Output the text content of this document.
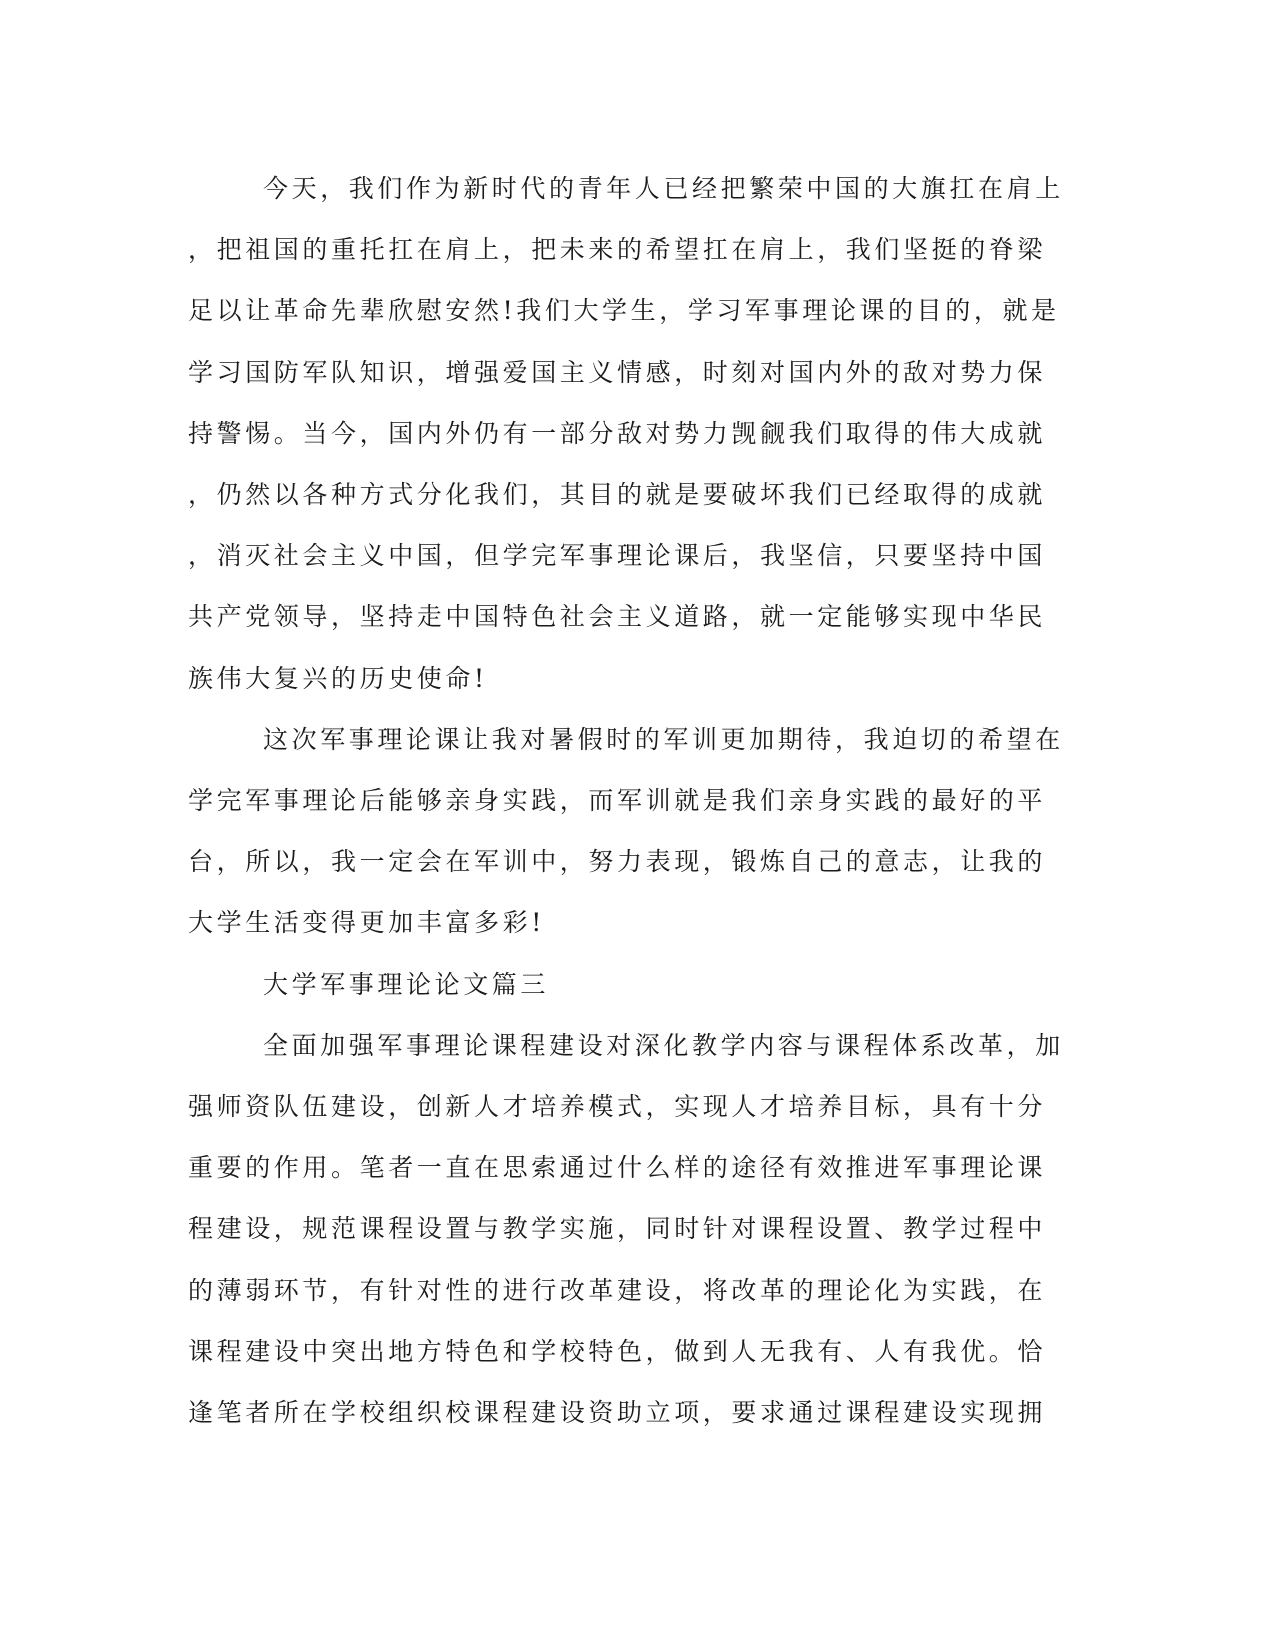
今天，我们作为新时代的青年人已经把繁荣中国的大旗扛在肩上
，把祖国的重托扛在肩上，把未来的希望扛在肩上，我们坚挺的脊梁
足以让革命先辈欣慰安然!我们大学生，学习军事理论课的目的，就是
学习国防军队知识，增强爱国主义情感，时刻对国内外的敌对势力保
持警惕。当今，国内外仍有一部分敌对势力觊觎我们取得的伟大成就
，仍然以各种方式分化我们，其目的就是要破坏我们已经取得的成就
，消灭社会主义中国，但学完军事理论课后，我坚信，只要坚持中国
共产党领导，坚持走中国特色社会主义道路，就一定能够实现中华民
族伟大复兴的历史使命!
这次军事理论课让我对暑假时的军训更加期待，我迫切的希望在
学完军事理论后能够亲身实践，而军训就是我们亲身实践的最好的平
台，所以，我一定会在军训中，努力表现，锻炼自己的意志，让我的
大学生活变得更加丰富多彩!
大学军事理论论文篇三
全面加强军事理论课程建设对深化教学内容与课程体系改革，加
强师资队伍建设，创新人才培养模式，实现人才培养目标，具有十分
重要的作用。笔者一直在思索通过什么样的途径有效推进军事理论课
程建设，规范课程设置与教学实施，同时针对课程设置、教学过程中
的薄弱环节，有针对性的进行改革建设，将改革的理论化为实践，在
课程建设中突出地方特色和学校特色，做到人无我有、人有我优。恰
逢笔者所在学校组织校课程建设资助立项，要求通过课程建设实现拥
